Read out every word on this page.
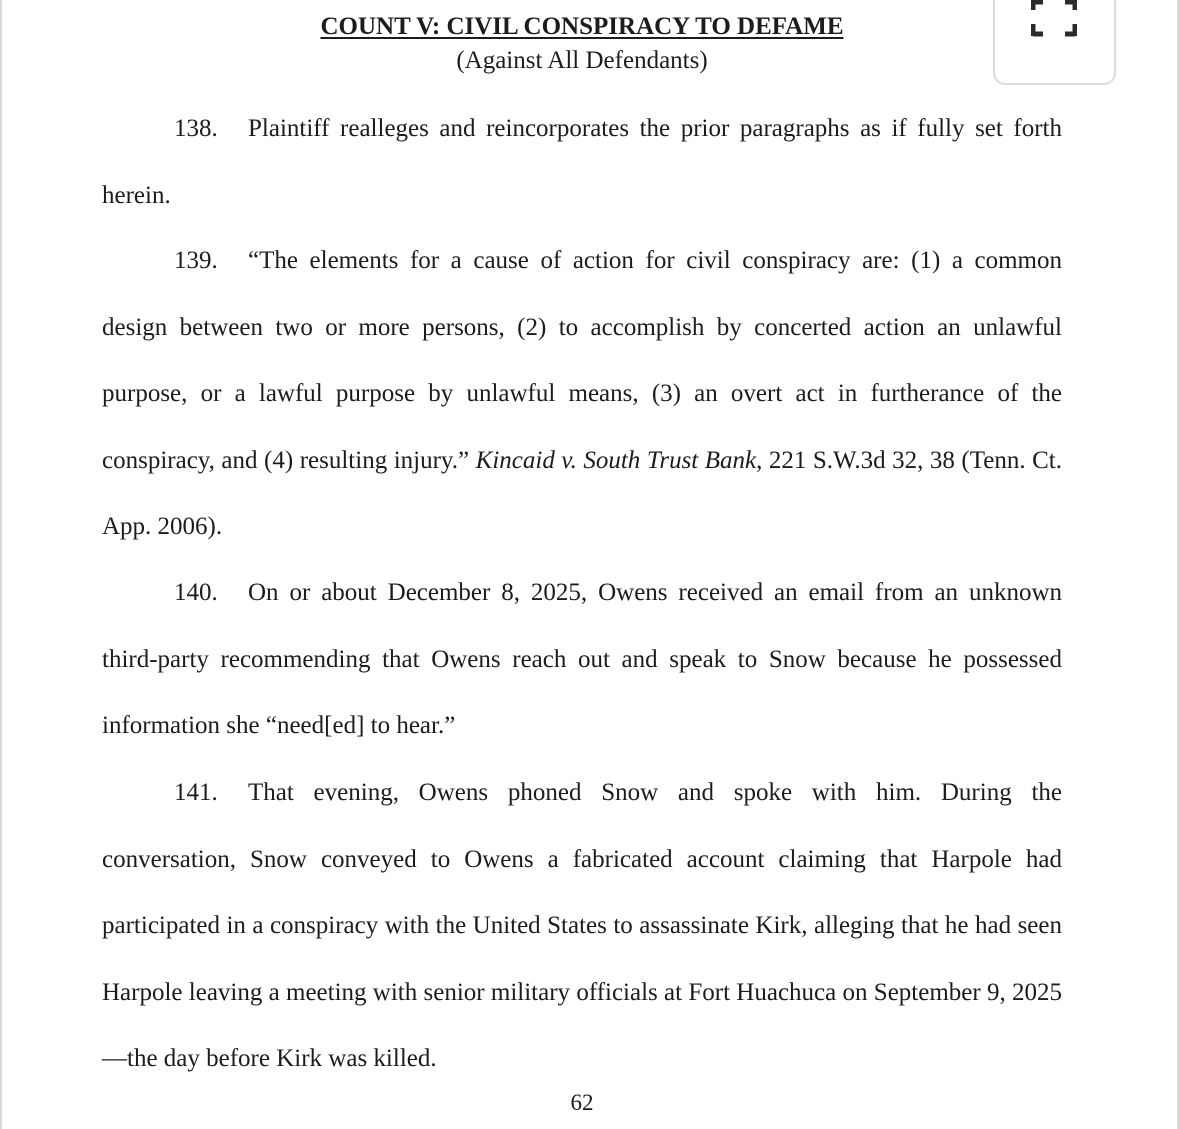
COUNT V: CIVIL CONSPIRACY TO DEFAME
(Against All Defendants)

138. Plaintiff realleges and reincorporates the prior paragraphs as if fully set forth herein.

139. “The elements for a cause of action for civil conspiracy are: (1) a common design between two or more persons, (2) to accomplish by concerted action an unlawful purpose, or a lawful purpose by unlawful means, (3) an overt act in furtherance of the conspiracy, and (4) resulting injury.” Kincaid v. South Trust Bank, 221 S.W.3d 32, 38 (Tenn. Ct. App. 2006).

140. On or about December 8, 2025, Owens received an email from an unknown third-party recommending that Owens reach out and speak to Snow because he possessed information she “need[ed] to hear.”

141. That evening, Owens phoned Snow and spoke with him. During the conversation, Snow conveyed to Owens a fabricated account claiming that Harpole had participated in a conspiracy with the United States to assassinate Kirk, alleging that he had seen Harpole leaving a meeting with senior military officials at Fort Huachuca on September 9, 2025—the day before Kirk was killed.

62
